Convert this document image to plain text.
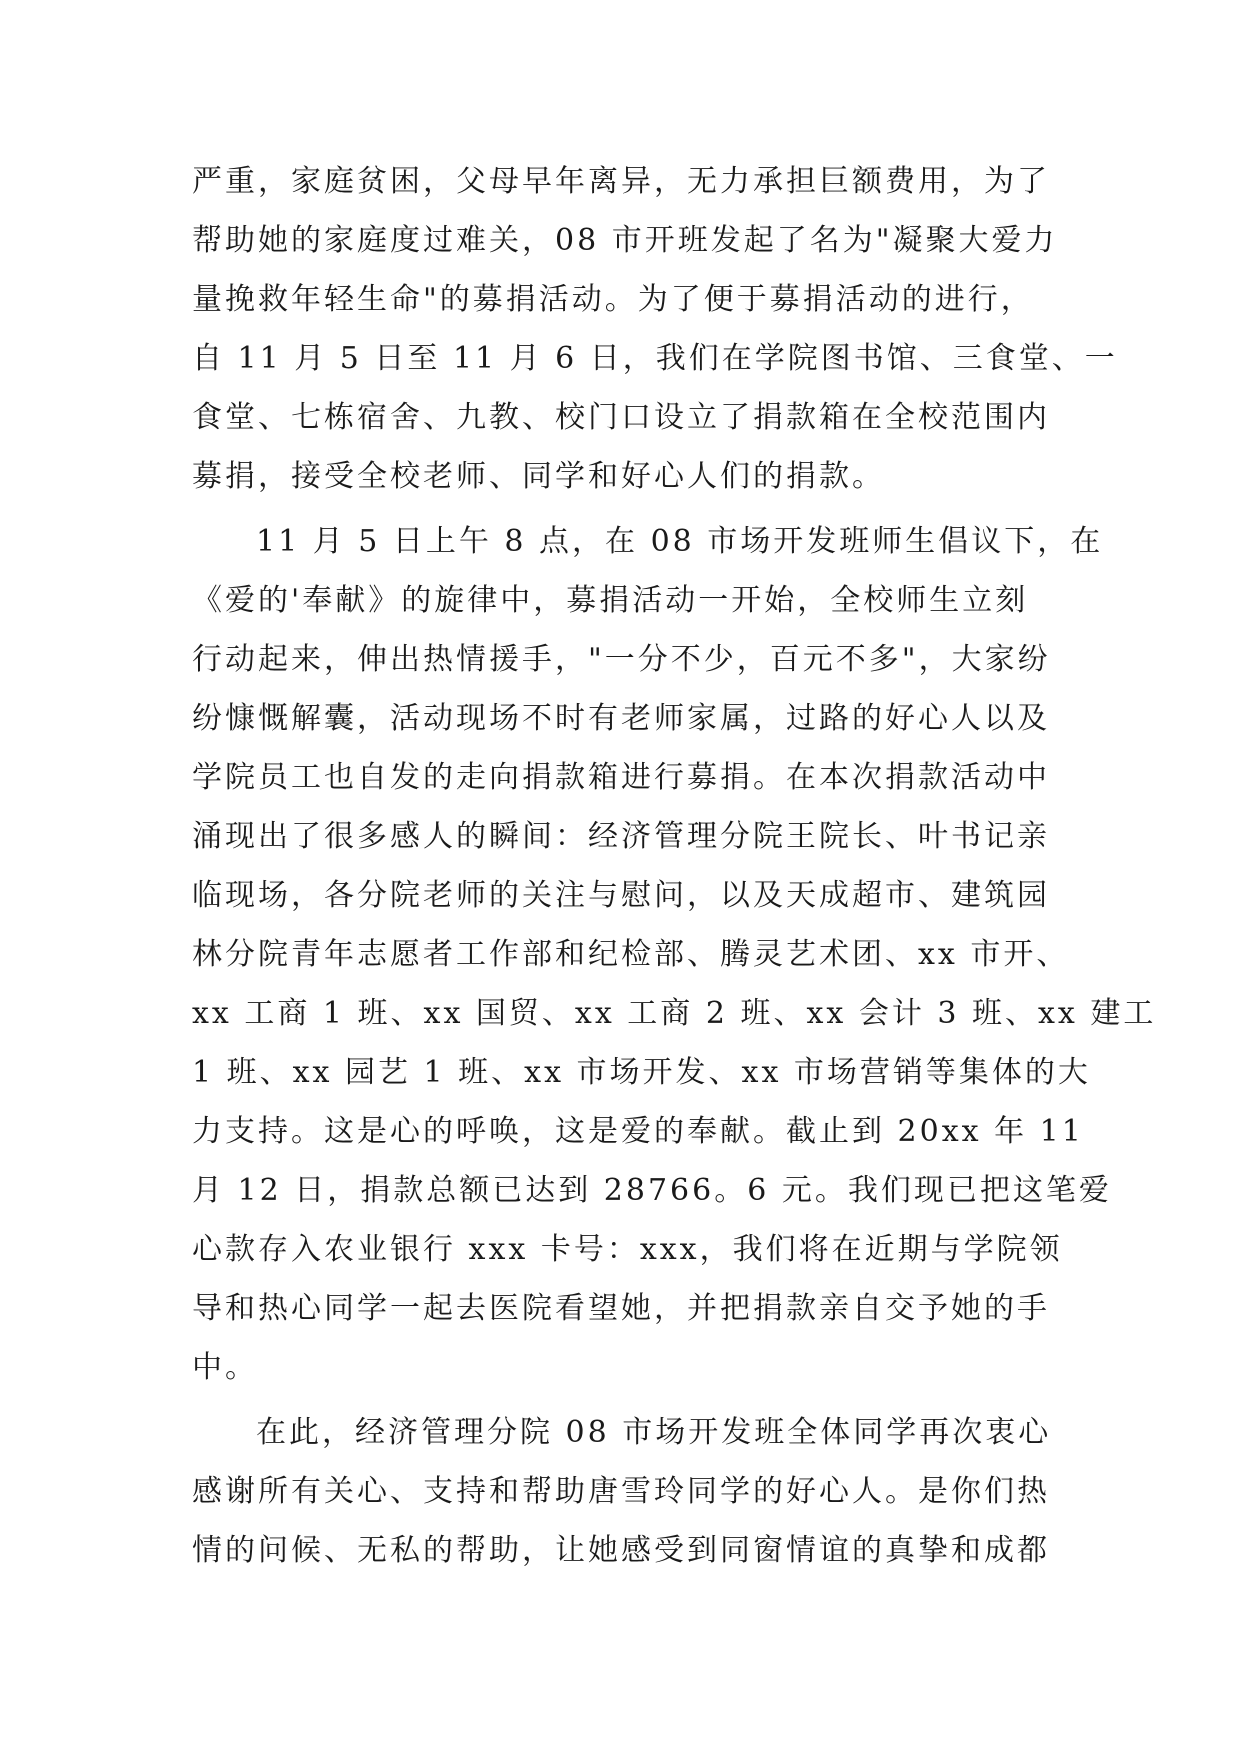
严重，家庭贫困，父母早年离异，无力承担巨额费用，为了
帮助她的家庭度过难关，08 市开班发起了名为"凝聚大爱力
量挽救年轻生命"的募捐活动。为了便于募捐活动的进行，
自 11 月 5 日至 11 月 6 日，我们在学院图书馆、三食堂、一
食堂、七栋宿舍、九教、校门口设立了捐款箱在全校范围内
募捐，接受全校老师、同学和好心人们的捐款。
11 月 5 日上午 8 点，在 08 市场开发班师生倡议下，在
《爱的'奉献》的旋律中，募捐活动一开始，全校师生立刻
行动起来，伸出热情援手，"一分不少，百元不多"，大家纷
纷慷慨解囊，活动现场不时有老师家属，过路的好心人以及
学院员工也自发的走向捐款箱进行募捐。在本次捐款活动中
涌现出了很多感人的瞬间：经济管理分院王院长、叶书记亲
临现场，各分院老师的关注与慰问，以及天成超市、建筑园
林分院青年志愿者工作部和纪检部、腾灵艺术团、xx 市开、
xx 工商 1 班、xx 国贸、xx 工商 2 班、xx 会计 3 班、xx 建工
1 班、xx 园艺 1 班、xx 市场开发、xx 市场营销等集体的大
力支持。这是心的呼唤，这是爱的奉献。截止到 20xx 年 11
月 12 日，捐款总额已达到 28766。6 元。我们现已把这笔爱
心款存入农业银行 xxx 卡号：xxx，我们将在近期与学院领
导和热心同学一起去医院看望她，并把捐款亲自交予她的手
中。
在此，经济管理分院 08 市场开发班全体同学再次衷心
感谢所有关心、支持和帮助唐雪玲同学的好心人。是你们热
情的问候、无私的帮助，让她感受到同窗情谊的真挚和成都
